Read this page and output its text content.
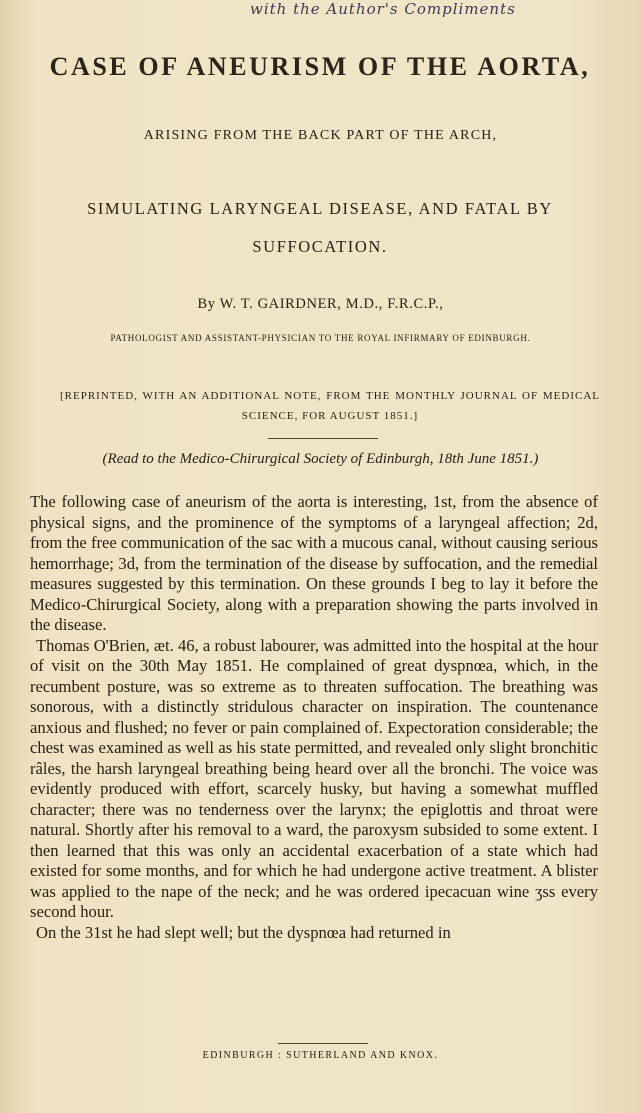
with the Author's Compliments
CASE OF ANEURISM OF THE AORTA,
ARISING FROM THE BACK PART OF THE ARCH,
SIMULATING LARYNGEAL DISEASE, AND FATAL BY SUFFOCATION.
By W. T. GAIRDNER, M.D., F.R.C.P.,
PATHOLOGIST AND ASSISTANT-PHYSICIAN TO THE ROYAL INFIRMARY OF EDINBURGH.
[REPRINTED, WITH AN ADDITIONAL NOTE, FROM THE MONTHLY JOURNAL OF MEDICAL SCIENCE, FOR AUGUST 1851.]
(Read to the Medico-Chirurgical Society of Edinburgh, 18th June 1851.)

The following case of aneurism of the aorta is interesting, 1st, from the absence of physical signs, and the prominence of the symptoms of a laryngeal affection; 2d, from the free communication of the sac with a mucous canal, without causing serious hemorrhage; 3d, from the termination of the disease by suffocation, and the remedial measures suggested by this termination. On these grounds I beg to lay it before the Medico-Chirurgical Society, along with a preparation showing the parts involved in the disease.

Thomas O'Brien, æt. 46, a robust labourer, was admitted into the hospital at the hour of visit on the 30th May 1851. He complained of great dyspnœa, which, in the recumbent posture, was so extreme as to threaten suffocation. The breathing was sonorous, with a distinctly stridulous character on inspiration. The countenance anxious and flushed; no fever or pain complained of. Expectoration considerable; the chest was examined as well as his state permitted, and revealed only slight bronchitic râles, the harsh laryngeal breathing being heard over all the bronchi. The voice was evidently produced with effort, scarcely husky, but having a somewhat muffled character; there was no tenderness over the larynx; the epiglottis and throat were natural. Shortly after his removal to a ward, the paroxysm subsided to some extent. I then learned that this was only an accidental exacerbation of a state which had existed for some months, and for which he had undergone active treatment. A blister was applied to the nape of the neck; and he was ordered ipecacuan wine ʒss every second hour.

On the 31st he had slept well; but the dyspnœa had returned in

EDINBURGH : SUTHERLAND AND KNOX.
